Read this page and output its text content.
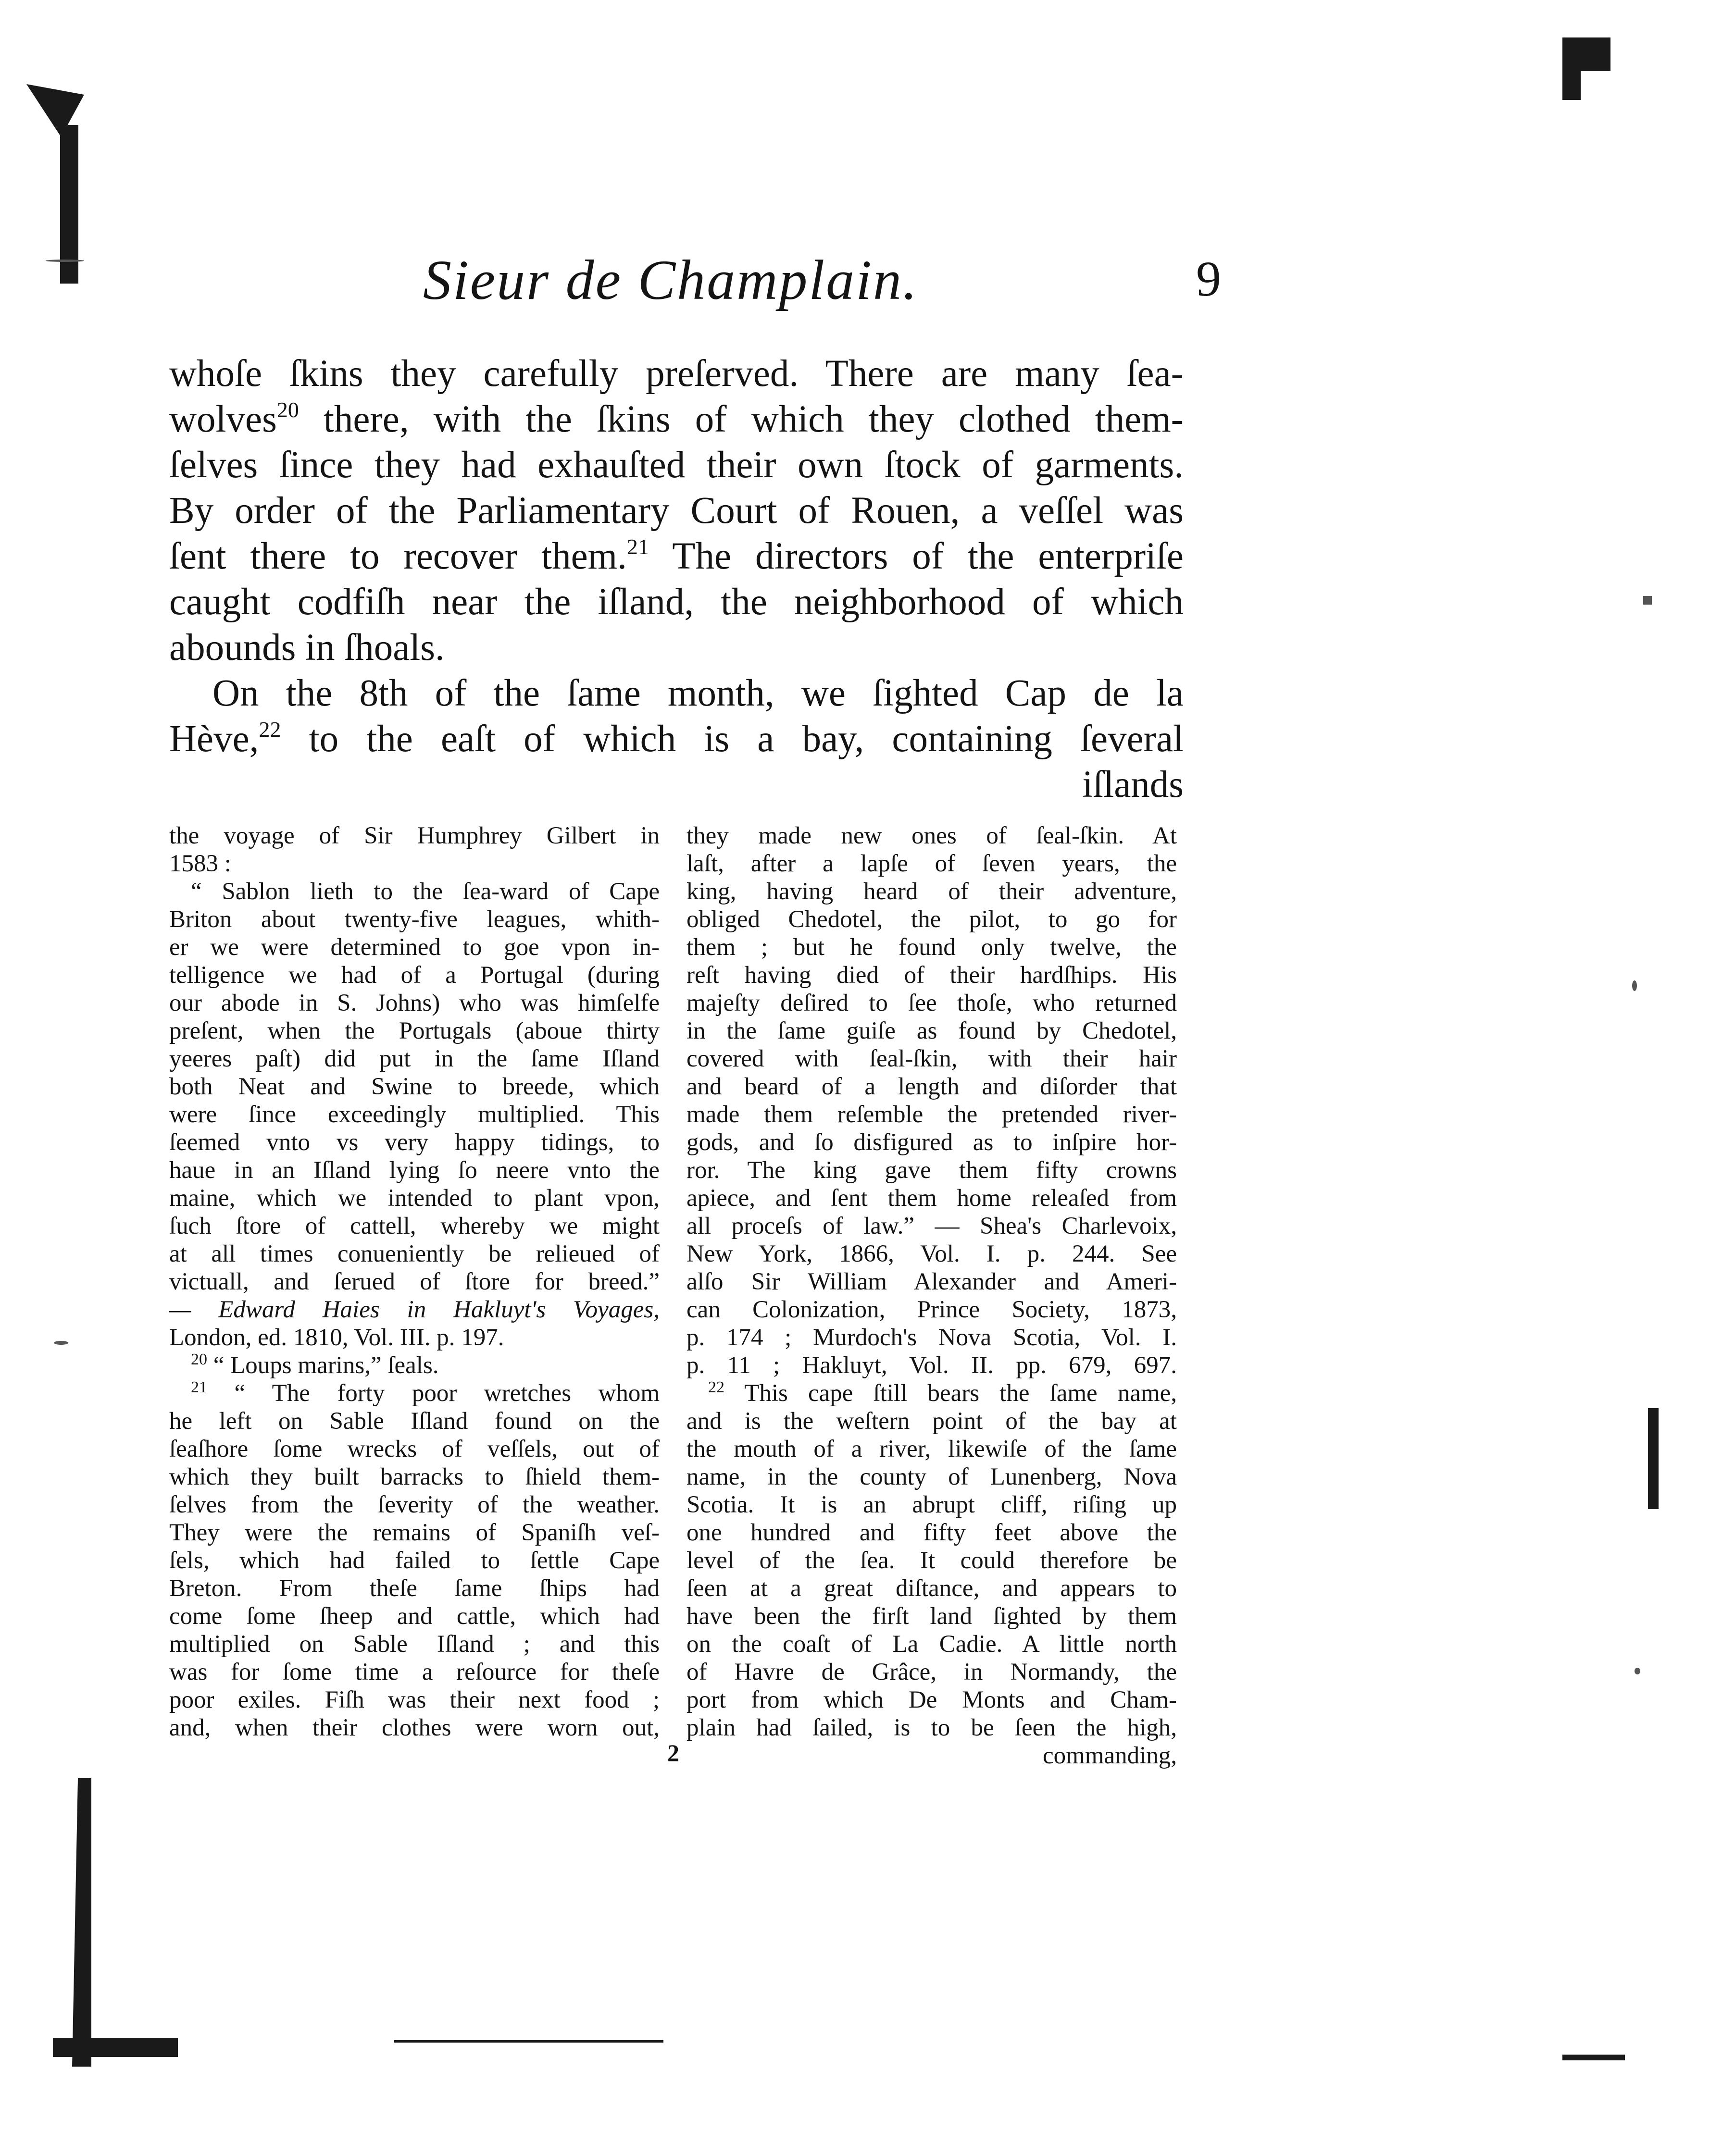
Sieur de Champlain.	9
whoſe ſkins they carefully preſerved. There are many ſea-
wolves$^{20}$ there, with the ſkins of which they clothed them-
ſelves ſince they had exhauſted their own ſtock of garments.
By order of the Parliamentary Court of Rouen, a veſſel was
ſent there to recover them.$^{21}$ The directors of the enterpriſe
caught codfiſh near the iſland, the neighborhood of which
abounds in ſhoals.
On the 8th of the ſame month, we ſighted Cap de la
Hève,$^{22}$ to the eaſt of which is a bay, containing ſeveral
iſlands
the voyage of Sir Humphrey Gilbert in
1583 :
“ Sablon lieth to the ſea-ward of Cape
Briton about twenty-five leagues, whith-
er we were determined to goe vpon in-
telligence we had of a Portugal (during
our abode in S. Johns) who was himſelfe
preſent, when the Portugals (aboue thirty
yeeres paſt) did put in the ſame Iſland
both Neat and Swine to breede, which
were ſince exceedingly multiplied. This
ſeemed vnto vs very happy tidings, to
haue in an Iſland lying ſo neere vnto the
maine, which we intended to plant vpon,
ſuch ſtore of cattell, whereby we might
at all times conueniently be relieued of
victuall, and ſerued of ſtore for breed.”
— Edward Haies in Hakluyt's Voyages,
London, ed. 1810, Vol. III. p. 197.
$^{20}$ “ Loups marins,” ſeals.
$^{21}$ “ The forty poor wretches whom
he left on Sable Iſland found on the
ſeaſhore ſome wrecks of veſſels, out of
which they built barracks to ſhield them-
ſelves from the ſeverity of the weather.
They were the remains of Spaniſh veſ-
ſels, which had failed to ſettle Cape
Breton. From theſe ſame ſhips had
come ſome ſheep and cattle, which had
multiplied on Sable Iſland ; and this
was for ſome time a reſource for theſe
poor exiles. Fiſh was their next food ;
and, when their clothes were worn out,
they made new ones of ſeal-ſkin. At
laſt, after a lapſe of ſeven years, the
king, having heard of their adventure,
obliged Chedotel, the pilot, to go for
them ; but he found only twelve, the
reſt having died of their hardſhips. His
majeſty deſired to ſee thoſe, who returned
in the ſame guiſe as found by Chedotel,
covered with ſeal-ſkin, with their hair
and beard of a length and diſorder that
made them reſemble the pretended river-
gods, and ſo disfigured as to inſpire hor-
ror. The king gave them fifty crowns
apiece, and ſent them home releaſed from
all proceſs of law.” — Shea's Charlevoix,
New York, 1866, Vol. I. p. 244. See
alſo Sir William Alexander and Ameri-
can Colonization, Prince Society, 1873,
p. 174 ; Murdoch's Nova Scotia, Vol. I.
p. 11 ; Hakluyt, Vol. II. pp. 679, 697.
$^{22}$ This cape ſtill bears the ſame name,
and is the weſtern point of the bay at
the mouth of a river, likewiſe of the ſame
name, in the county of Lunenberg, Nova
Scotia. It is an abrupt cliff, riſing up
one hundred and fifty feet above the
level of the ſea. It could therefore be
ſeen at a great diſtance, and appears to
have been the firſt land ſighted by them
on the coaſt of La Cadie. A little north
of Havre de Grâce, in Normandy, the
port from which De Monts and Cham-
plain had ſailed, is to be ſeen the high,
commanding,
2
